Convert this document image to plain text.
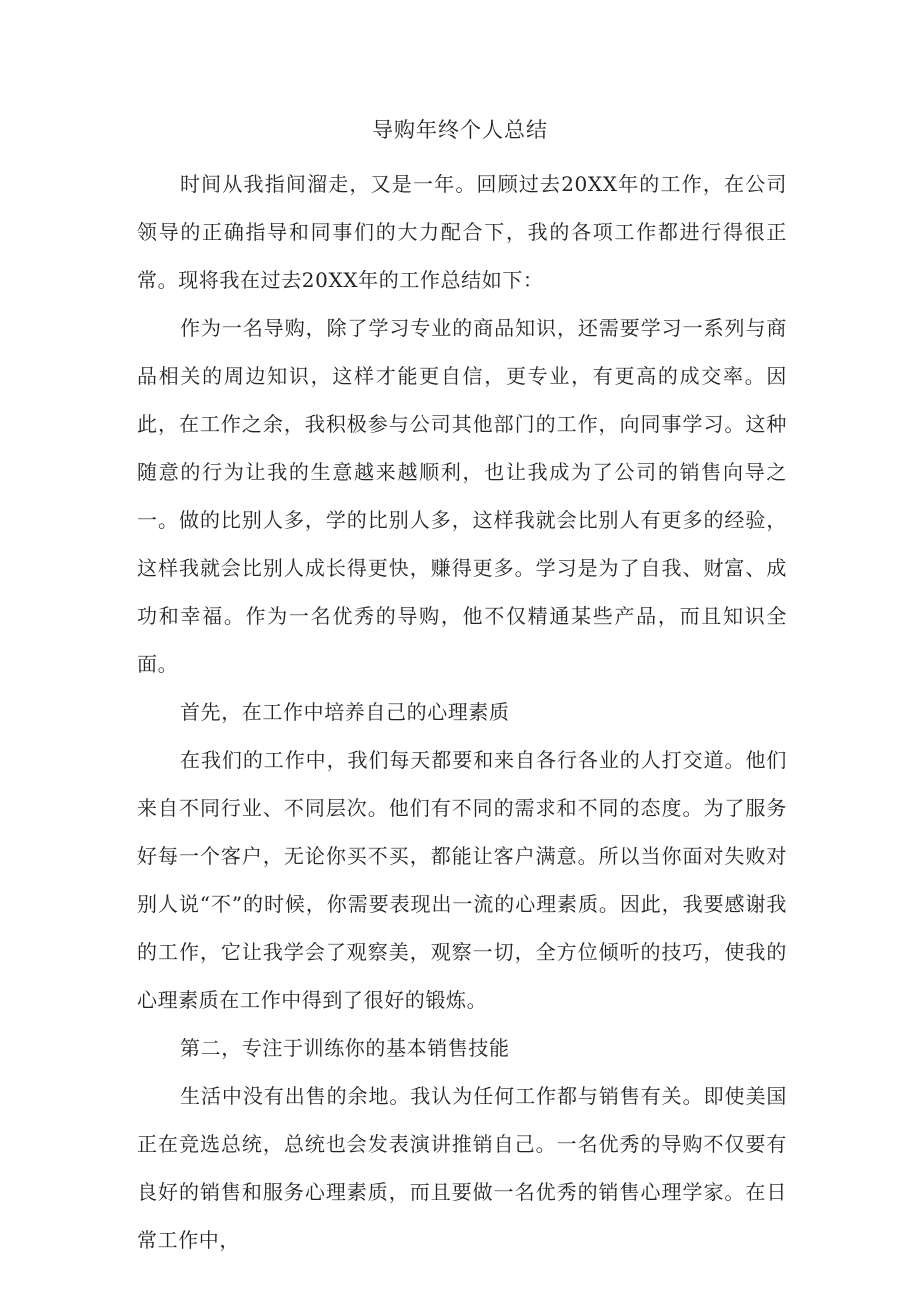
导购年终个人总结

时间从我指间溜走，又是一年。回顾过去20XX年的工作，在公司领导的正确指导和同事们的大力配合下，我的各项工作都进行得很正常。现将我在过去20XX年的工作总结如下：

作为一名导购，除了学习专业的商品知识，还需要学习一系列与商品相关的周边知识，这样才能更自信，更专业，有更高的成交率。因此，在工作之余，我积极参与公司其他部门的工作，向同事学习。这种随意的行为让我的生意越来越顺利，也让我成为了公司的销售向导之一。做的比别人多，学的比别人多，这样我就会比别人有更多的经验，这样我就会比别人成长得更快，赚得更多。学习是为了自我、财富、成功和幸福。作为一名优秀的导购，他不仅精通某些产品，而且知识全面。

首先，在工作中培养自己的心理素质

在我们的工作中，我们每天都要和来自各行各业的人打交道。他们来自不同行业、不同层次。他们有不同的需求和不同的态度。为了服务好每一个客户，无论你买不买，都能让客户满意。所以当你面对失败对别人说“不”的时候，你需要表现出一流的心理素质。因此，我要感谢我的工作，它让我学会了观察美，观察一切，全方位倾听的技巧，使我的心理素质在工作中得到了很好的锻炼。

第二，专注于训练你的基本销售技能

生活中没有出售的余地。我认为任何工作都与销售有关。即使美国正在竞选总统，总统也会发表演讲推销自己。一名优秀的导购不仅要有良好的销售和服务心理素质，而且要做一名优秀的销售心理学家。在日常工作中，
